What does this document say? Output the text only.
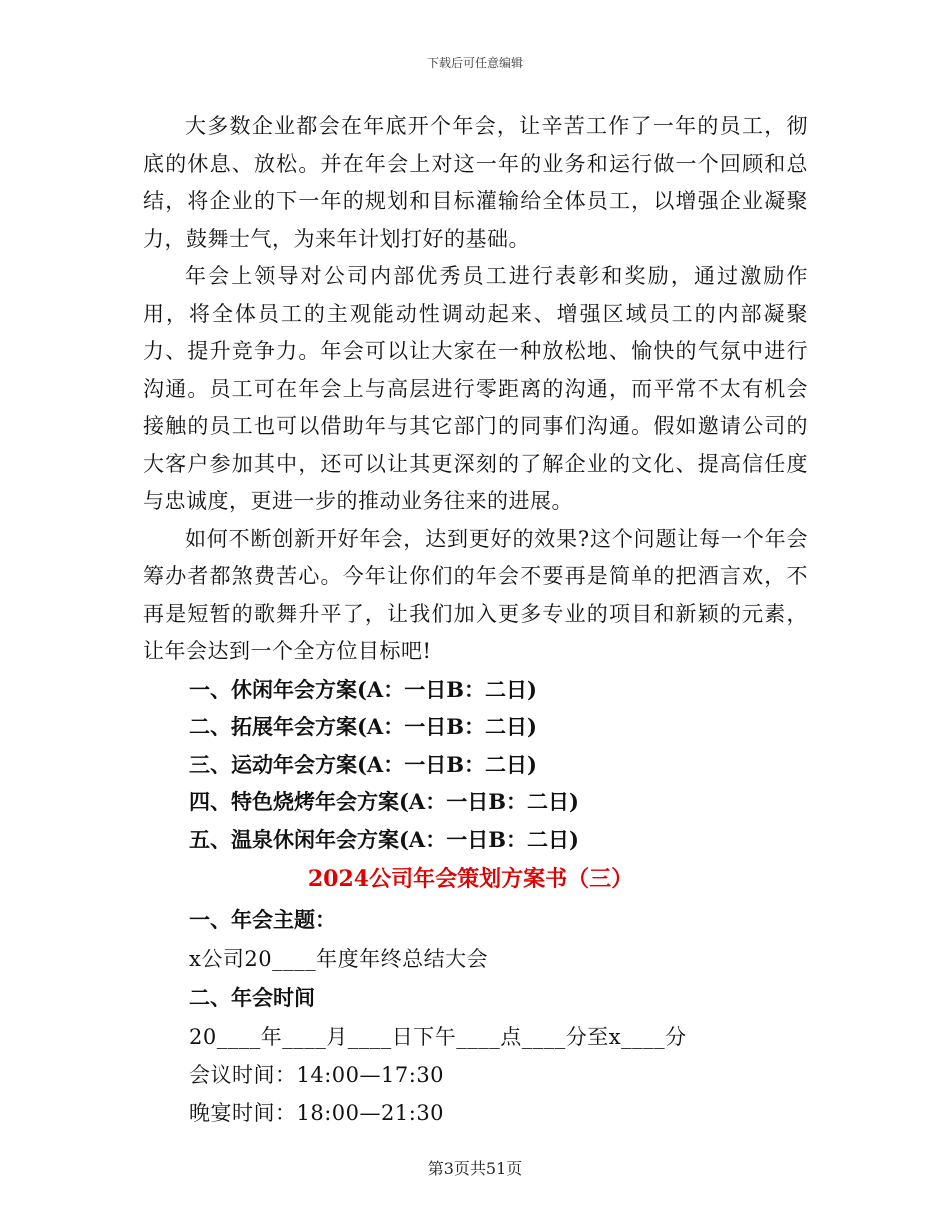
下载后可任意编辑

大多数企业都会在年底开个年会，让辛苦工作了一年的员工，彻底的休息、放松。并在年会上对这一年的业务和运行做一个回顾和总结，将企业的下一年的规划和目标灌输给全体员工，以增强企业凝聚力，鼓舞士气，为来年计划打好的基础。

年会上领导对公司内部优秀员工进行表彰和奖励，通过激励作用，将全体员工的主观能动性调动起来、增强区域员工的内部凝聚力、提升竞争力。年会可以让大家在一种放松地、愉快的气氛中进行沟通。员工可在年会上与高层进行零距离的沟通，而平常不太有机会接触的员工也可以借助年与其它部门的同事们沟通。假如邀请公司的大客户参加其中，还可以让其更深刻的了解企业的文化、提高信任度与忠诚度，更进一步的推动业务往来的进展。

如何不断创新开好年会，达到更好的效果?这个问题让每一个年会筹办者都煞费苦心。今年让你们的年会不要再是简单的把酒言欢，不再是短暂的歌舞升平了，让我们加入更多专业的项目和新颖的元素，让年会达到一个全方位目标吧!

一、休闲年会方案(A：一日B：二日)
二、拓展年会方案(A：一日B：二日)
三、运动年会方案(A：一日B：二日)
四、特色烧烤年会方案(A：一日B：二日)
五、温泉休闲年会方案(A：一日B：二日)
2024公司年会策划方案书（三）
一、年会主题：

x公司20____年度年终总结大会

二、年会时间

20____年____月____日下午____点____分至x____分

会议时间：14:00—17:30

晚宴时间：18:00—21:30

第3页共51页
